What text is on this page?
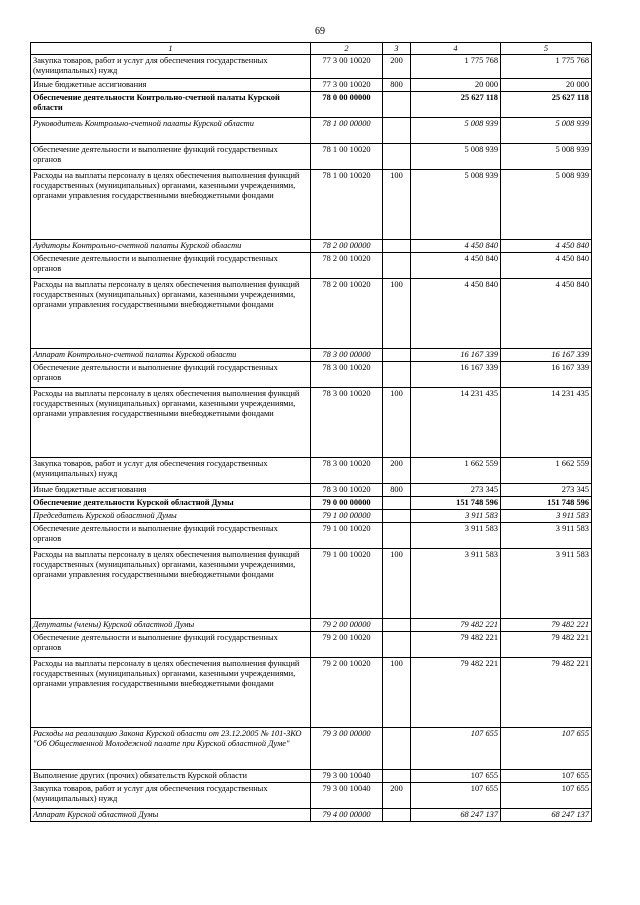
69
1	2	3	4	5
Закупка товаров, работ и услуг для обеспечения государственных (муниципальных) нужд	77 3 00 10020	200	1 775 768	1 775 768
Иные бюджетные ассигнования	77 3 00 10020	800	20 000	20 000
Обеспечение деятельности Контрольно-счетной палаты Курской области	78 0 00 00000		25 627 118	25 627 118
Руководитель Контрольно-счетной палаты Курской области	78 1 00 00000		5 008 939	5 008 939
Обеспечение деятельности и выполнение функций государственных органов	78 1 00 10020		5 008 939	5 008 939
Расходы на выплаты персоналу в целях обеспечения выполнения функций государственных (муниципальных) органами, казенными учреждениями, органами управления государственными внебюджетными фондами	78 1 00 10020	100	5 008 939	5 008 939
Аудиторы Контрольно-счетной палаты Курской области	78 2 00 00000		4 450 840	4 450 840
Обеспечение деятельности и выполнение функций государственных органов	78 2 00 10020		4 450 840	4 450 840
Расходы на выплаты персоналу в целях обеспечения выполнения функций государственных (муниципальных) органами, казенными учреждениями, органами управления государственными внебюджетными фондами	78 2 00 10020	100	4 450 840	4 450 840
Аппарат Контрольно-счетной палаты Курской области	78 3 00 00000		16 167 339	16 167 339
Обеспечение деятельности и выполнение функций государственных органов	78 3 00 10020		16 167 339	16 167 339
Расходы на выплаты персоналу в целях обеспечения выполнения функций государственных (муниципальных) органами, казенными учреждениями, органами управления государственными внебюджетными фондами	78 3 00 10020	100	14 231 435	14 231 435
Закупка товаров, работ и услуг для обеспечения государственных (муниципальных) нужд	78 3 00 10020	200	1 662 559	1 662 559
Иные бюджетные ассигнования	78 3 00 10020	800	273 345	273 345
Обеспечение деятельности Курской областной Думы	79 0 00 00000		151 748 596	151 748 596
Председатель Курской областной Думы	79 1 00 00000		3 911 583	3 911 583
Обеспечение деятельности и выполнение функций государственных органов	79 1 00 10020		3 911 583	3 911 583
Расходы на выплаты персоналу в целях обеспечения выполнения функций государственных (муниципальных) органами, казенными учреждениями, органами управления государственными внебюджетными фондами	79 1 00 10020	100	3 911 583	3 911 583
Депутаты (члены) Курской областной Думы	79 2 00 00000		79 482 221	79 482 221
Обеспечение деятельности и выполнение функций государственных органов	79 2 00 10020		79 482 221	79 482 221
Расходы на выплаты персоналу в целях обеспечения выполнения функций государственных (муниципальных) органами, казенными учреждениями, органами управления государственными внебюджетными фондами	79 2 00 10020	100	79 482 221	79 482 221
Расходы на реализацию Закона Курской области от 23.12.2005 № 101-ЗКО "Об Общественной Молодежной палате при Курской областной Думе"	79 3 00 00000		107 655	107 655
Выполнение других (прочих) обязательств Курской области	79 3 00 10040		107 655	107 655
Закупка товаров, работ и услуг для обеспечения государственных (муниципальных) нужд	79 3 00 10040	200	107 655	107 655
Аппарат Курской областной Думы	79 4 00 00000		68 247 137	68 247 137
